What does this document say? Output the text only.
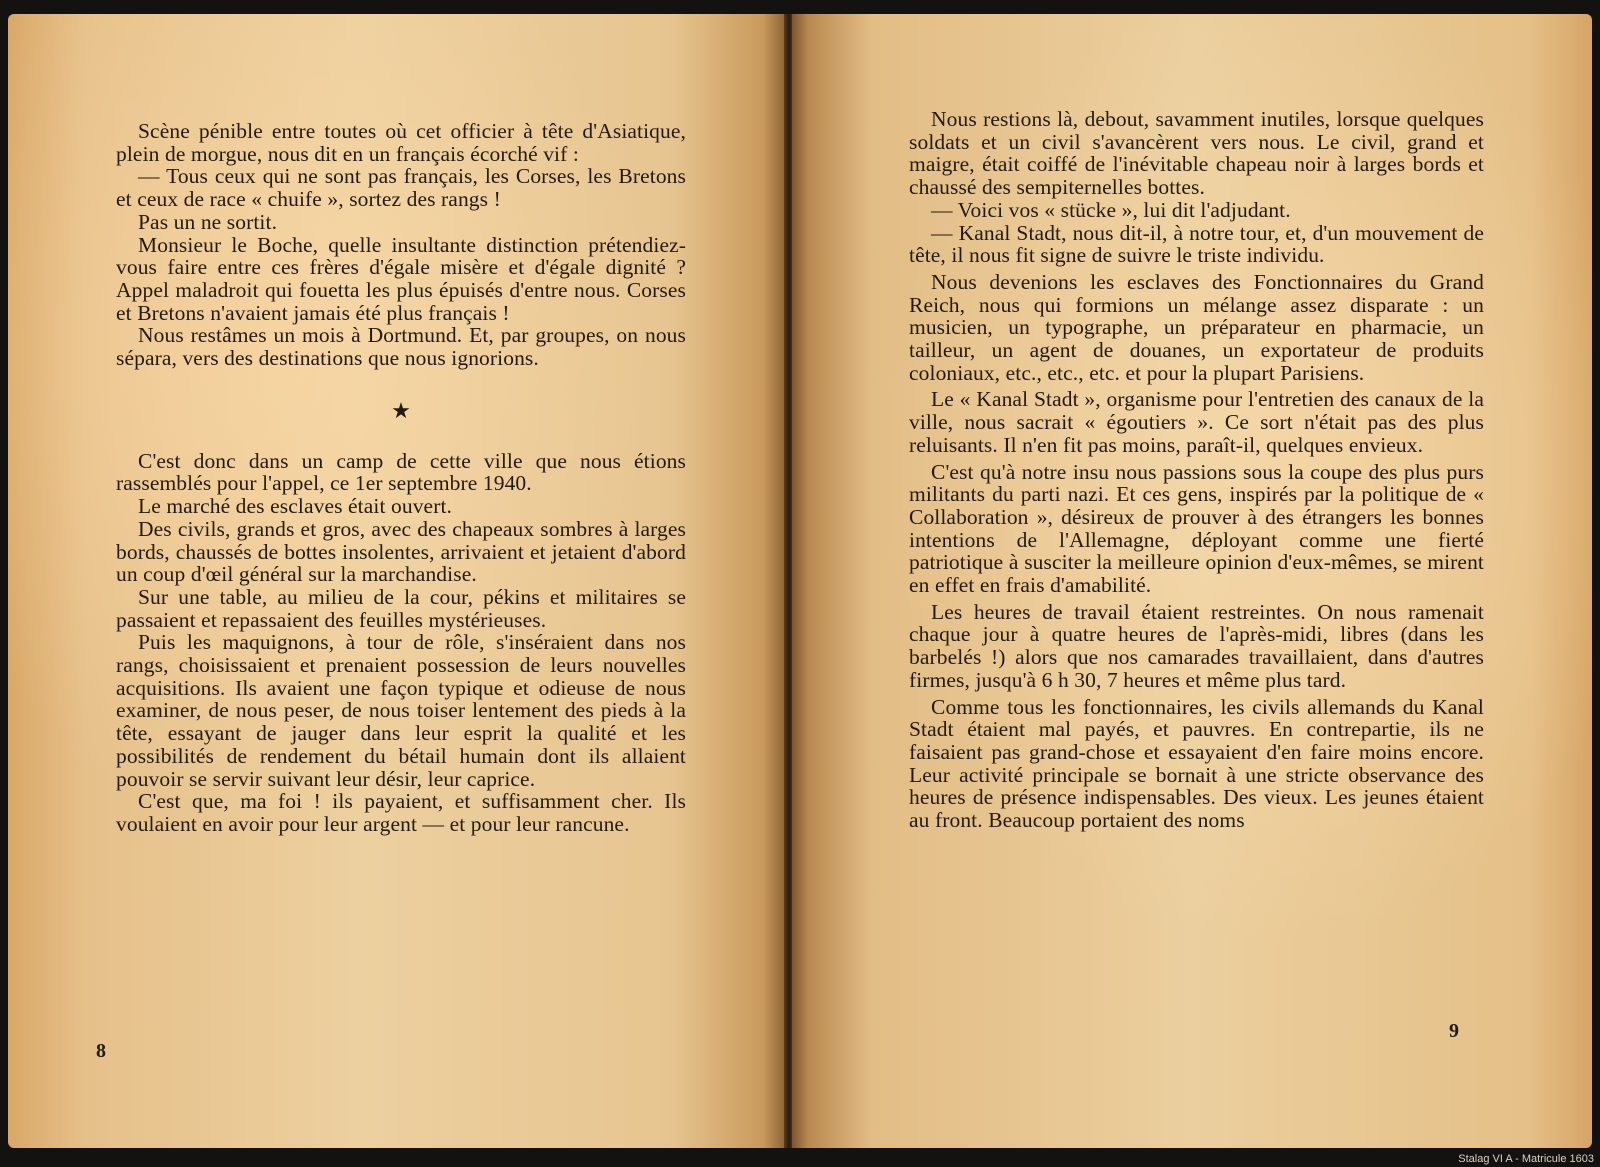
Scène pénible entre toutes où cet officier à tête d'Asiatique, plein de morgue, nous dit en un français écorché vif :

— Tous ceux qui ne sont pas français, les Corses, les Bretons et ceux de race « chuife », sortez des rangs !

Pas un ne sortit.

Monsieur le Boche, quelle insultante distinction prétendiez-vous faire entre ces frères d'égale misère et d'égale dignité ? Appel maladroit qui fouetta les plus épuisés d'entre nous. Corses et Bretons n'avaient jamais été plus français !

Nous restâmes un mois à Dortmund. Et, par groupes, on nous sépara, vers des destinations que nous ignorions.

★

C'est donc dans un camp de cette ville que nous étions rassemblés pour l'appel, ce 1er septembre 1940.

Le marché des esclaves était ouvert.

Des civils, grands et gros, avec des chapeaux sombres à larges bords, chaussés de bottes insolentes, arrivaient et jetaient d'abord un coup d'œil général sur la marchandise.

Sur une table, au milieu de la cour, pékins et militaires se passaient et repassaient des feuilles mystérieuses.

Puis les maquignons, à tour de rôle, s'inséraient dans nos rangs, choisissaient et prenaient possession de leurs nouvelles acquisitions. Ils avaient une façon typique et odieuse de nous examiner, de nous peser, de nous toiser lentement des pieds à la tête, essayant de jauger dans leur esprit la qualité et les possibilités de rendement du bétail humain dont ils allaient pouvoir se servir suivant leur désir, leur caprice.

C'est que, ma foi ! ils payaient, et suffisamment cher. Ils voulaient en avoir pour leur argent — et pour leur rancune.

8

Nous restions là, debout, savamment inutiles, lorsque quelques soldats et un civil s'avancèrent vers nous. Le civil, grand et maigre, était coiffé de l'inévitable chapeau noir à larges bords et chaussé des sempiternelles bottes.

— Voici vos « stücke », lui dit l'adjudant.

— Kanal Stadt, nous dit-il, à notre tour, et, d'un mouvement de tête, il nous fit signe de suivre le triste individu.

Nous devenions les esclaves des Fonctionnaires du Grand Reich, nous qui formions un mélange assez disparate : un musicien, un typographe, un préparateur en pharmacie, un tailleur, un agent de douanes, un exportateur de produits coloniaux, etc., etc., etc. et pour la plupart Parisiens.

Le « Kanal Stadt », organisme pour l'entretien des canaux de la ville, nous sacrait « égoutiers ». Ce sort n'était pas des plus reluisants. Il n'en fit pas moins, paraît-il, quelques envieux.

C'est qu'à notre insu nous passions sous la coupe des plus purs militants du parti nazi. Et ces gens, inspirés par la politique de « Collaboration », désireux de prouver à des étrangers les bonnes intentions de l'Allemagne, déployant comme une fierté patriotique à susciter la meilleure opinion d'eux-mêmes, se mirent en effet en frais d'amabilité.

Les heures de travail étaient restreintes. On nous ramenait chaque jour à quatre heures de l'après-midi, libres (dans les barbelés !) alors que nos camarades travaillaient, dans d'autres firmes, jusqu'à 6 h 30, 7 heures et même plus tard.

Comme tous les fonctionnaires, les civils allemands du Kanal Stadt étaient mal payés, et pauvres. En contrepartie, ils ne faisaient pas grand-chose et essayaient d'en faire moins encore. Leur activité principale se bornait à une stricte observance des heures de présence indispensables. Des vieux. Les jeunes étaient au front. Beaucoup portaient des noms

9
Stalag VI A - Matricule 1603
